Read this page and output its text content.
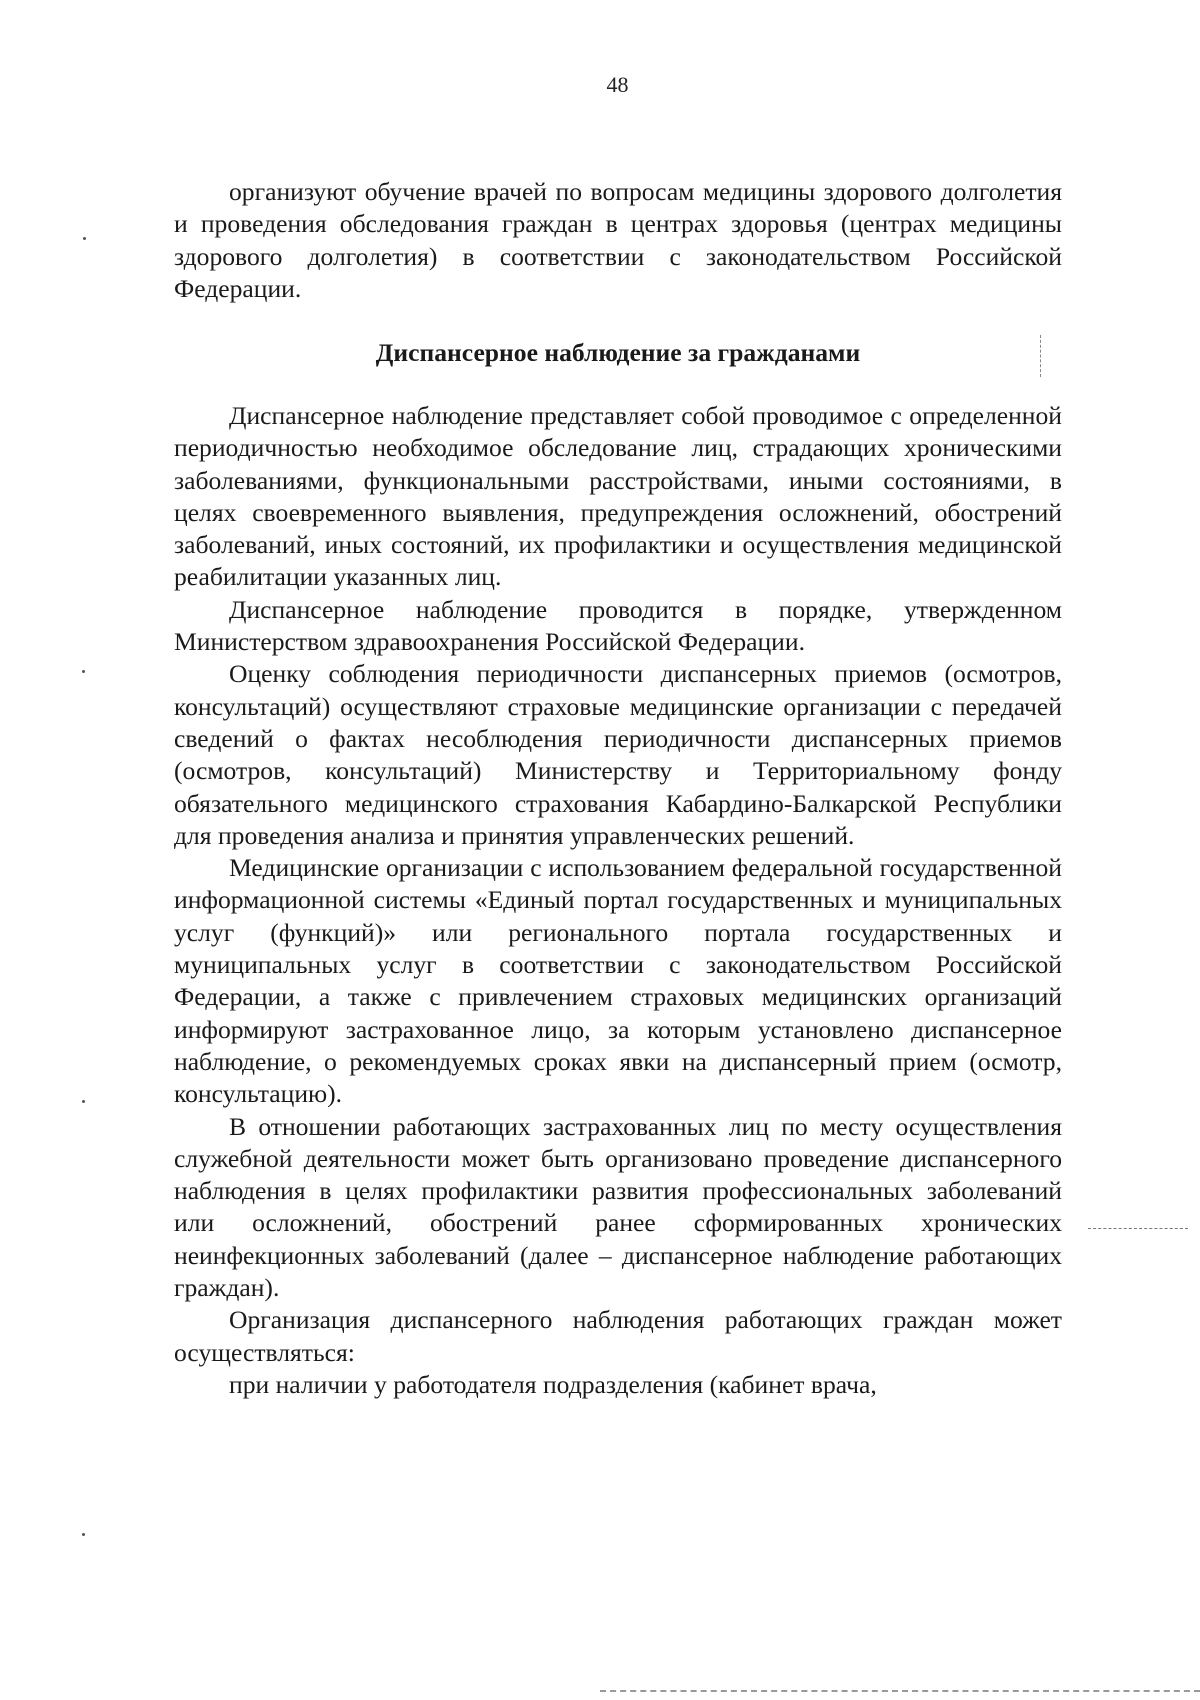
48

организуют обучение врачей по вопросам медицины здорового долголетия и проведения обследования граждан в центрах здоровья (центрах медицины здорового долголетия) в соответствии с законодательством Российской Федерации.

Диспансерное наблюдение за гражданами

Диспансерное наблюдение представляет собой проводимое с определенной периодичностью необходимое обследование лиц, страдающих хроническими заболеваниями, функциональными расстройствами, иными состояниями, в целях своевременного выявления, предупреждения осложнений, обострений заболеваний, иных состояний, их профилактики и осуществления медицинской реабилитации указанных лиц.

Диспансерное наблюдение проводится в порядке, утвержденном Министерством здравоохранения Российской Федерации.

Оценку соблюдения периодичности диспансерных приемов (осмотров, консультаций) осуществляют страховые медицинские организации с передачей сведений о фактах несоблюдения периодичности диспансерных приемов (осмотров, консультаций) Министерству и Территориальному фонду обязательного медицинского страхования Кабардино-Балкарской Республики для проведения анализа и принятия управленческих решений.

Медицинские организации с использованием федеральной государственной информационной системы «Единый портал государственных и муниципальных услуг (функций)» или регионального портала государственных и муниципальных услуг в соответствии с законодательством Российской Федерации, а также с привлечением страховых медицинских организаций информируют застрахованное лицо, за которым установлено диспансерное наблюдение, о рекомендуемых сроках явки на диспансерный прием (осмотр, консультацию).

В отношении работающих застрахованных лиц по месту осуществления служебной деятельности может быть организовано проведение диспансерного наблюдения в целях профилактики развития профессиональных заболеваний или осложнений, обострений ранее сформированных хронических неинфекционных заболеваний (далее – диспансерное наблюдение работающих граждан).

Организация диспансерного наблюдения работающих граждан может осуществляться:

при наличии у работодателя подразделения (кабинет врача,
